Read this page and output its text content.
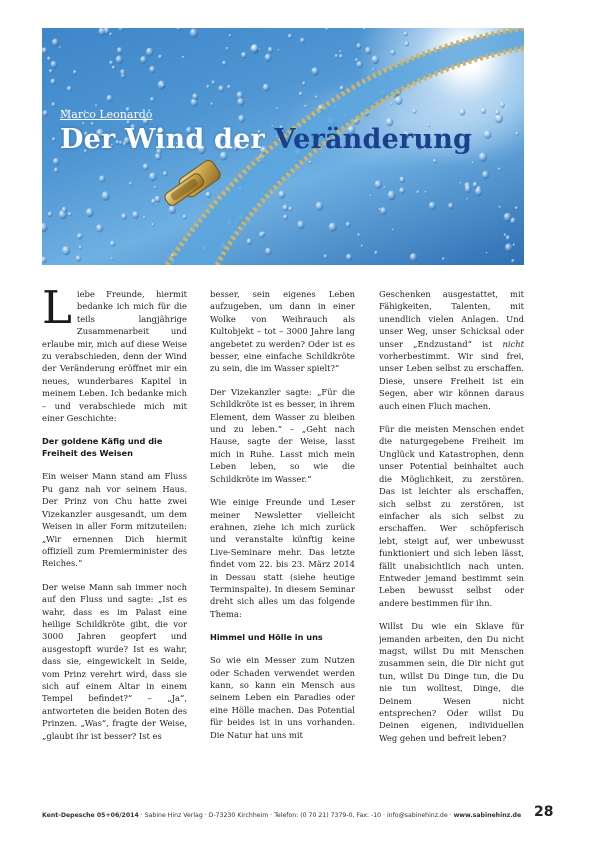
Marco Leonardo
Der Wind der Veränderung

Liebe Freunde, hiermit bedanke ich mich für die teils langjährige Zusammenarbeit und erlaube mir, mich auf diese Weise zu verabschieden, denn der Wind der Veränderung eröffnet mir ein neues, wunderbares Kapitel in meinem Leben. Ich bedanke mich – und verabschiede mich mit einer Geschichte:

Der goldene Käfig und die Freiheit des Weisen

Ein weiser Mann stand am Fluss Pu ganz nah vor seinem Haus. Der Prinz von Chu hatte zwei Vizekanzler ausgesandt, um dem Weisen in aller Form mitzuteilen: „Wir ernennen Dich hiermit offiziell zum Premierminister des Reiches.“

Der weise Mann sah immer noch auf den Fluss und sagte: „Ist es wahr, dass es im Palast eine heilige Schildkröte gibt, die vor 3000 Jahren geopfert und ausgestopft wurde? Ist es wahr, dass sie, eingewickelt in Seide, vom Prinz verehrt wird, dass sie sich auf einem Altar in einem Tempel befindet?“ – „Ja“, antworteten die beiden Boten des Prinzen. „Was“, fragte der Weise, „glaubt ihr ist besser? Ist es

besser, sein eigenes Leben aufzugeben, um dann in einer Wolke von Weihrauch als Kultobjekt – tot – 3000 Jahre lang angebetet zu werden? Oder ist es besser, eine einfache Schildkröte zu sein, die im Wasser spielt?“

Der Vizekanzler sagte: „Für die Schildkröte ist es besser, in ihrem Element, dem Wasser zu bleiben und zu leben.“ – „Geht nach Hause, sagte der Weise, lasst mich in Ruhe. Lasst mich mein Leben leben, so wie die Schildkröte im Wasser.“

Wie einige Freunde und Leser meiner Newsletter vielleicht erahnen, ziehe ich mich zurück und veranstalte künftig keine Live-Seminare mehr. Das letzte findet vom 22. bis 23. März 2014 in Dessau statt (siehe heutige Terminspalte). In diesem Seminar dreht sich alles um das folgende Thema:

Himmel und Hölle in uns

So wie ein Messer zum Nutzen oder Schaden verwendet werden kann, so kann ein Mensch aus seinem Leben ein Paradies oder eine Hölle machen. Das Potential für beides ist in uns vorhanden. Die Natur hat uns mit

Geschenken ausgestattet, mit Fähigkeiten, Talenten, mit unendlich vielen Anlagen. Und unser Weg, unser Schicksal oder unser „Endzustand“ ist nicht vorherbestimmt. Wir sind frei, unser Leben selbst zu erschaffen. Diese, unsere Freiheit ist ein Segen, aber wir können daraus auch einen Fluch machen.

Für die meisten Menschen endet die naturgegebene Freiheit im Unglück und Katastrophen, denn unser Potential beinhaltet auch die Möglichkeit, zu zerstören. Das ist leichter als erschaffen, sich selbst zu zerstören, ist einfacher als sich selbst zu erschaffen. Wer schöpferisch lebt, steigt auf, wer unbewusst funktioniert und sich leben lässt, fällt unabsichtlich nach unten. Entweder jemand bestimmt sein Leben bewusst selbst oder andere bestimmen für ihn.

Willst Du wie ein Sklave für jemanden arbeiten, den Du nicht magst, willst Du mit Menschen zusammen sein, die Dir nicht gut tun, willst Du Dinge tun, die Du nie tun wolltest, Dinge, die Deinem Wesen nicht entsprechen? Oder willst Du Deinen eigenen, individuellen Weg gehen und befreit leben?

Kent-Depesche 05+06/2014 · Sabine Hinz Verlag · D-73230 Kirchheim · Telefon: (0 70 21) 7379-0, Fax: -10 · info@sabinehinz.de · www.sabinehinz.de 28
